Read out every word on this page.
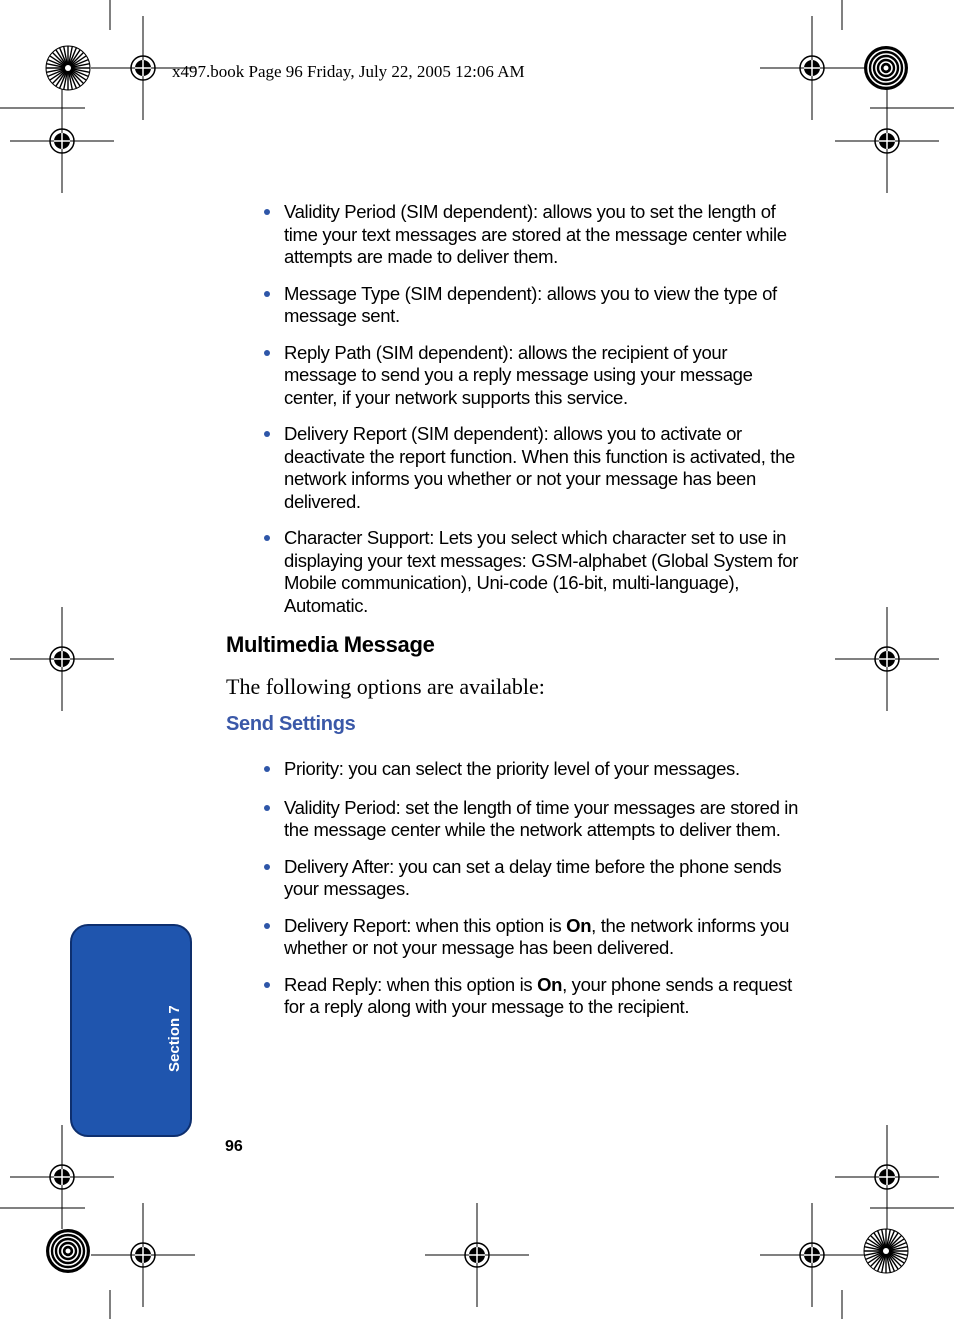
x497.book Page 96 Friday, July 22, 2005 12:06 AM
Validity Period (SIM dependent): allows you to set the length of time your text messages are stored at the message center while attempts are made to deliver them.
Message Type (SIM dependent): allows you to view the type of message sent.
Reply Path (SIM dependent): allows the recipient of your message to send you a reply message using your message center, if your network supports this service.
Delivery Report (SIM dependent): allows you to activate or deactivate the report function. When this function is activated, the network informs you whether or not your message has been delivered.
Character Support: Lets you select which character set to use in displaying your text messages: GSM-alphabet (Global System for Mobile communication), Uni-code (16-bit, multi-language), Automatic.
Multimedia Message

The following options are available:

Send Settings
Priority: you can select the priority level of your messages.
Validity Period: set the length of time your messages are stored in the message center while the network attempts to deliver them.
Delivery After: you can set a delay time before the phone sends your messages.
Delivery Report: when this option is On, the network informs you whether or not your message has been delivered.
Read Reply: when this option is On, your phone sends a request for a reply along with your message to the recipient.
Section 7
96
